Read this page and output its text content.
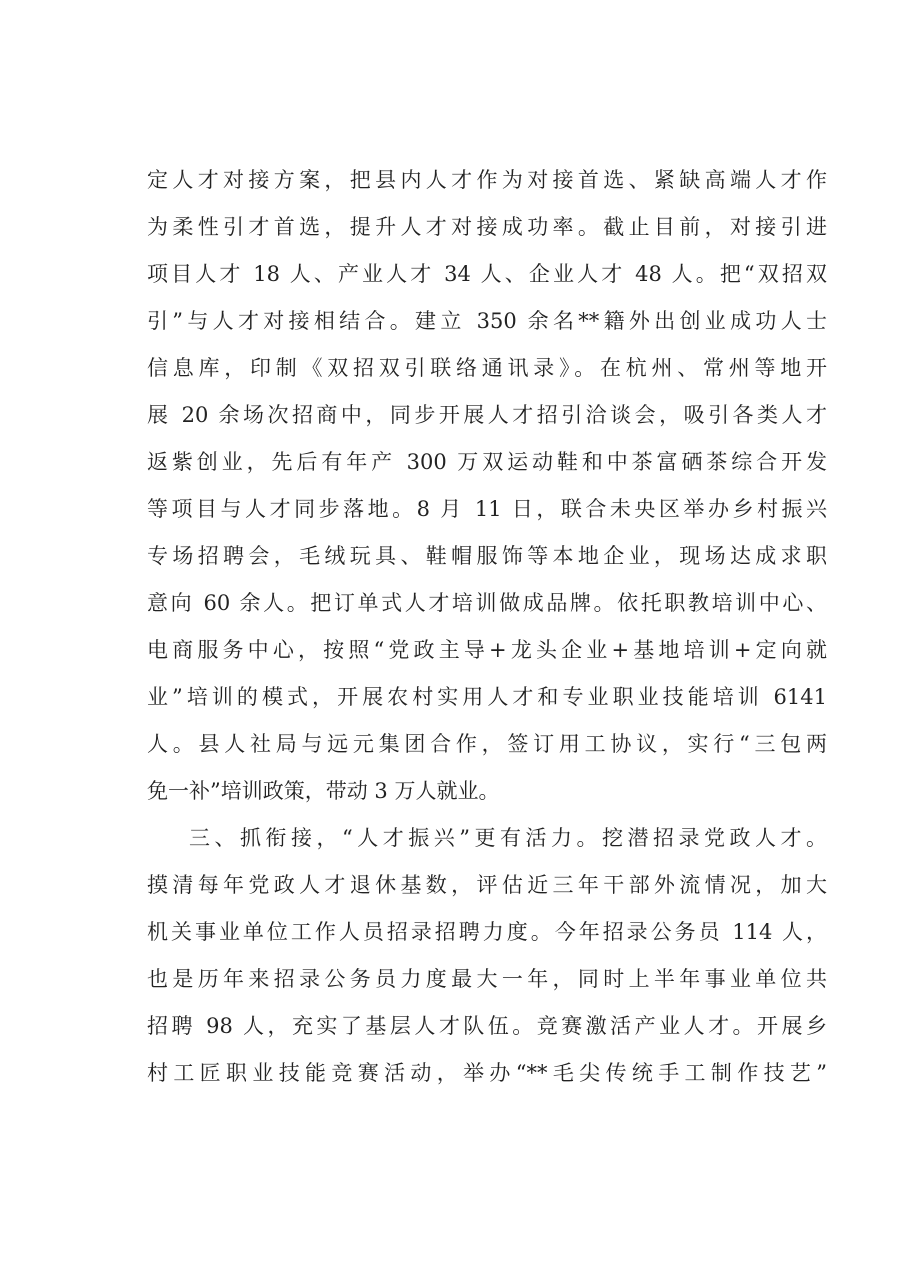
定人才对接方案，把县内人才作为对接首选、紧缺高端人才作
为柔性引才首选，提升人才对接成功率。截止目前，对接引进
项目人才 18 人、产业人才 34 人、企业人才 48 人。把“双招双
引”与人才对接相结合。建立 350 余名**籍外出创业成功人士
信息库，印制《双招双引联络通讯录》。在杭州、常州等地开
展 20 余场次招商中，同步开展人才招引洽谈会，吸引各类人才
返紫创业，先后有年产 300 万双运动鞋和中茶富硒茶综合开发
等项目与人才同步落地。8 月 11 日，联合未央区举办乡村振兴
专场招聘会，毛绒玩具、鞋帽服饰等本地企业，现场达成求职
意向 60 余人。把订单式人才培训做成品牌。依托职教培训中心、
电商服务中心，按照“党政主导+龙头企业+基地培训+定向就
业”培训的模式，开展农村实用人才和专业职业技能培训 6141
人。县人社局与远元集团合作，签订用工协议，实行“三包两
免一补”培训政策，带动 3 万人就业。
三、抓衔接，“人才振兴”更有活力。挖潜招录党政人才。
摸清每年党政人才退休基数，评估近三年干部外流情况，加大
机关事业单位工作人员招录招聘力度。今年招录公务员 114 人，
也是历年来招录公务员力度最大一年，同时上半年事业单位共
招聘 98 人，充实了基层人才队伍。竞赛激活产业人才。开展乡
村工匠职业技能竞赛活动，举办“**毛尖传统手工制作技艺”
